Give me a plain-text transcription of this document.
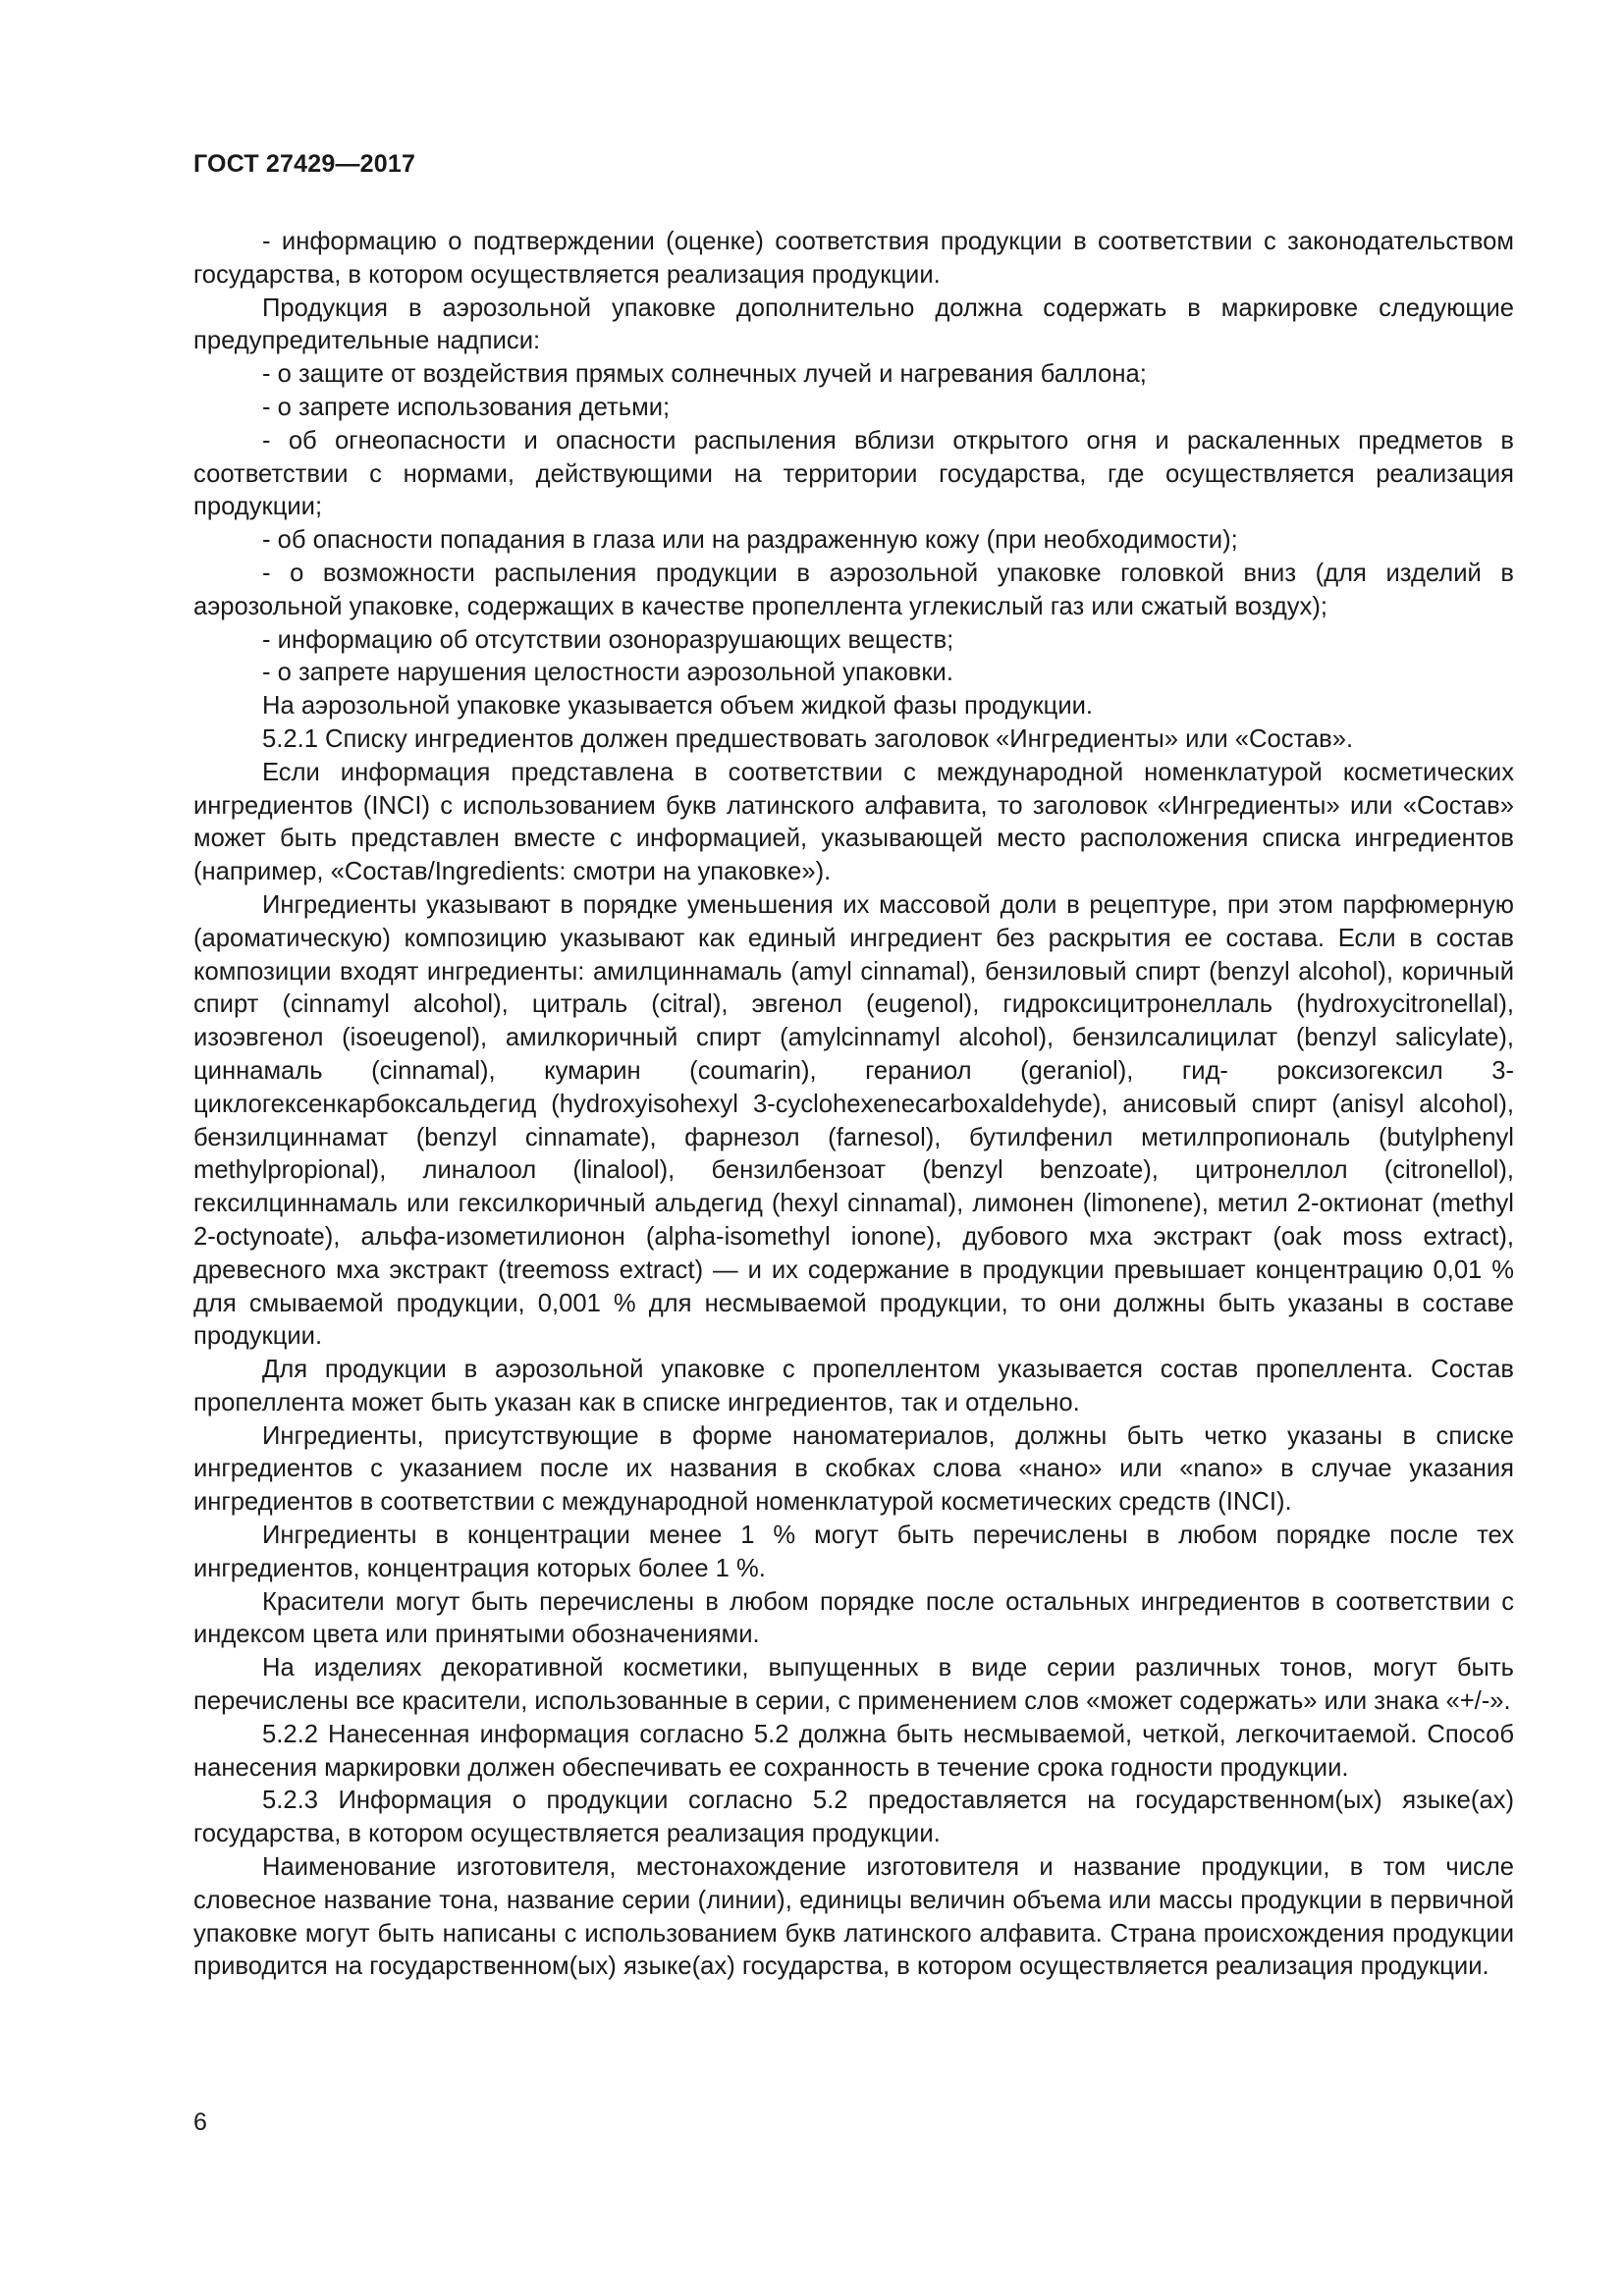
ГОСТ 27429—2017

- информацию о подтверждении (оценке) соответствия продукции в соответствии с законодательством государства, в котором осуществляется реализация продукции.

Продукция в аэрозольной упаковке дополнительно должна содержать в маркировке следующие предупредительные надписи:

- о защите от воздействия прямых солнечных лучей и нагревания баллона;

- о запрете использования детьми;

- об огнеопасности и опасности распыления вблизи открытого огня и раскаленных предметов в соответствии с нормами, действующими на территории государства, где осуществляется реализация продукции;

- об опасности попадания в глаза или на раздраженную кожу (при необходимости);

- о возможности распыления продукции в аэрозольной упаковке головкой вниз (для изделий в аэрозольной упаковке, содержащих в качестве пропеллента углекислый газ или сжатый воздух);

- информацию об отсутствии озоноразрушающих веществ;

- о запрете нарушения целостности аэрозольной упаковки.

На аэрозольной упаковке указывается объем жидкой фазы продукции.

5.2.1 Списку ингредиентов должен предшествовать заголовок «Ингредиенты» или «Состав».

Если информация представлена в соответствии с международной номенклатурой косметических ингредиентов (INCI) с использованием букв латинского алфавита, то заголовок «Ингредиенты» или «Состав» может быть представлен вместе с информацией, указывающей место расположения списка ингредиентов (например, «Состав/Ingredients: смотри на упаковке»).

Ингредиенты указывают в порядке уменьшения их массовой доли в рецептуре, при этом парфюмерную (ароматическую) композицию указывают как единый ингредиент без раскрытия ее состава. Если в состав композиции входят ингредиенты: амилциннамаль (amyl cinnamal), бензиловый спирт (benzyl alcohol), коричный спирт (cinnamyl alcohol), цитраль (citral), эвгенол (eugenol), гидроксицитронеллаль (hydroxycitronellal), изоэвгенол (isoeugenol), амилкоричный спирт (amylcinnamyl alcohol), бензилсалицилат (benzyl salicylate), циннамаль (cinnamal), кумарин (coumarin), гераниол (geraniol), гид- роксизогексил 3-циклогексенкарбоксальдегид (hydroxyisohexyl 3-cyclohexenecarboxaldehyde), анисовый спирт (anisyl alcohol), бензилциннамат (benzyl cinnamate), фарнезол (farnesol), бутилфенил метилпропиональ (butylphenyl methylpropional), линалоол (linalool), бензилбензоат (benzyl benzoate), цитронеллол (citronellol), гексилциннамаль или гексилкоричный альдегид (hexyl cinnamal), лимонен (limonene), метил 2-октионат (methyl 2-octynoate), альфа-изометилионон (alpha-isomethyl ionone), дубового мха экстракт (oak moss extract), древесного мха экстракт (treemoss extract) — и их содержание в продукции превышает концентрацию 0,01 % для смываемой продукции, 0,001 % для несмываемой продукции, то они должны быть указаны в составе продукции.

Для продукции в аэрозольной упаковке с пропеллентом указывается состав пропеллента. Состав пропеллента может быть указан как в списке ингредиентов, так и отдельно.

Ингредиенты, присутствующие в форме наноматериалов, должны быть четко указаны в списке ингредиентов с указанием после их названия в скобках слова «нано» или «nano» в случае указания ингредиентов в соответствии с международной номенклатурой косметических средств (INCI).

Ингредиенты в концентрации менее 1 % могут быть перечислены в любом порядке после тех ингредиентов, концентрация которых более 1 %.

Красители могут быть перечислены в любом порядке после остальных ингредиентов в соответствии с индексом цвета или принятыми обозначениями.

На изделиях декоративной косметики, выпущенных в виде серии различных тонов, могут быть перечислены все красители, использованные в серии, с применением слов «может содержать» или знака «+/-».

5.2.2 Нанесенная информация согласно 5.2 должна быть несмываемой, четкой, легкочитаемой. Способ нанесения маркировки должен обеспечивать ее сохранность в течение срока годности продукции.

5.2.3 Информация о продукции согласно 5.2 предоставляется на государственном(ых) языке(ах) государства, в котором осуществляется реализация продукции.

Наименование изготовителя, местонахождение изготовителя и название продукции, в том числе словесное название тона, название серии (линии), единицы величин объема или массы продукции в первичной упаковке могут быть написаны с использованием букв латинского алфавита. Страна происхождения продукции приводится на государственном(ых) языке(ах) государства, в котором осуществляется реализация продукции.

6
